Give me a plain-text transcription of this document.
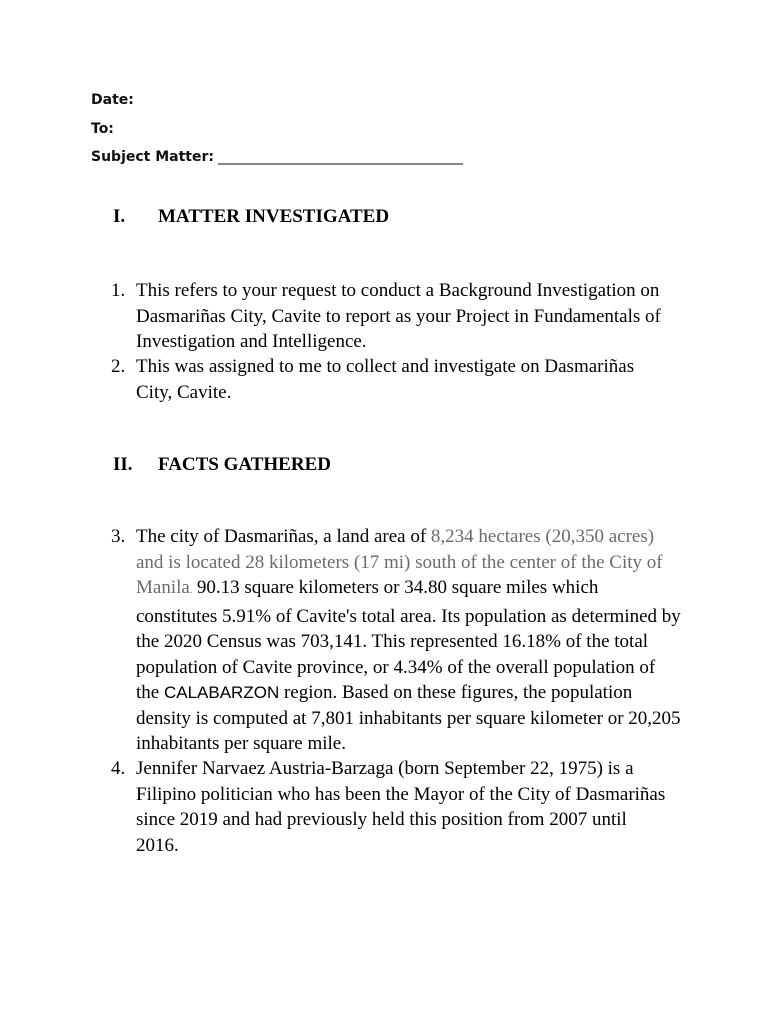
Date:
To:
Subject Matter: ___________________________________
I. MATTER INVESTIGATED
1. This refers to your request to conduct a Background Investigation on Dasmariñas City, Cavite to report as your Project in Fundamentals of Investigation and Intelligence.
2. This was assigned to me to collect and investigate on Dasmariñas City, Cavite.
II. FACTS GATHERED
3. The city of Dasmariñas, a land area of 8,234 hectares (20,350 acres) and is located 28 kilometers (17 mi) south of the center of the City of Manila. 90.13 square kilometers or 34.80 square miles which constitutes 5.91% of Cavite's total area. Its population as determined by the 2020 Census was 703,141. This represented 16.18% of the total population of Cavite province, or 4.34% of the overall population of the CALABARZON region. Based on these figures, the population density is computed at 7,801 inhabitants per square kilometer or 20,205 inhabitants per square mile.
4. Jennifer Narvaez Austria-Barzaga (born September 22, 1975) is a Filipino politician who has been the Mayor of the City of Dasmariñas since 2019 and had previously held this position from 2007 until 2016.
